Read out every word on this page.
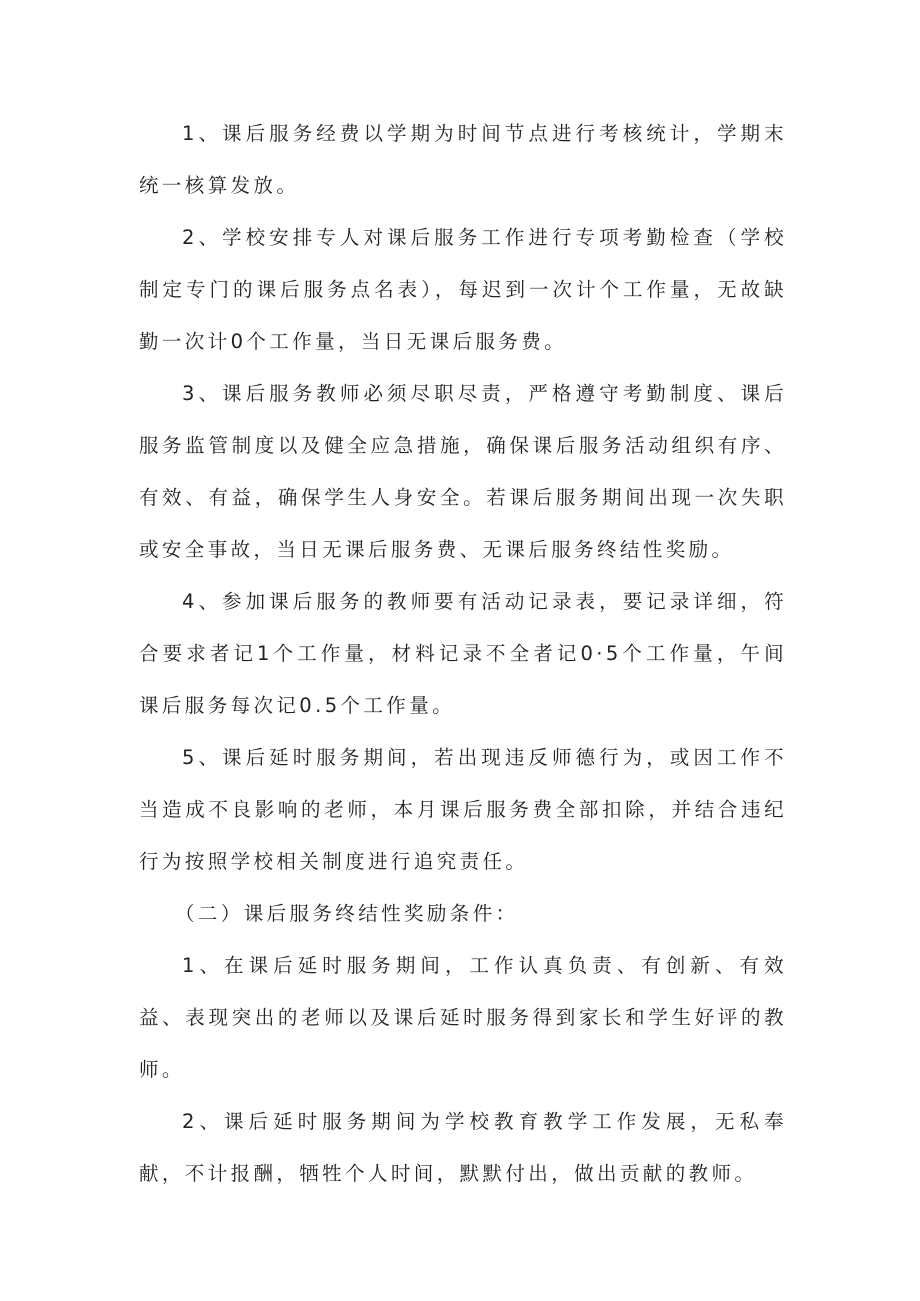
1、课后服务经费以学期为时间节点进行考核统计，学期末统一核算发放。

2、学校安排专人对课后服务工作进行专项考勤检查（学校制定专门的课后服务点名表），每迟到一次计个工作量，无故缺勤一次计0个工作量，当日无课后服务费。

3、课后服务教师必须尽职尽责，严格遵守考勤制度、课后服务监管制度以及健全应急措施，确保课后服务活动组织有序、有效、有益，确保学生人身安全。若课后服务期间出现一次失职或安全事故，当日无课后服务费、无课后服务终结性奖励。

4、参加课后服务的教师要有活动记录表，要记录详细，符合要求者记1个工作量，材料记录不全者记0·5个工作量，午间课后服务每次记0.5个工作量。

5、课后延时服务期间，若出现违反师德行为，或因工作不当造成不良影响的老师，本月课后服务费全部扣除，并结合违纪行为按照学校相关制度进行追究责任。

（二）课后服务终结性奖励条件：

1、在课后延时服务期间，工作认真负责、有创新、有效益、表现突出的老师以及课后延时服务得到家长和学生好评的教师。

2、课后延时服务期间为学校教育教学工作发展，无私奉献，不计报酬，牺牲个人时间，默默付出，做出贡献的教师。
